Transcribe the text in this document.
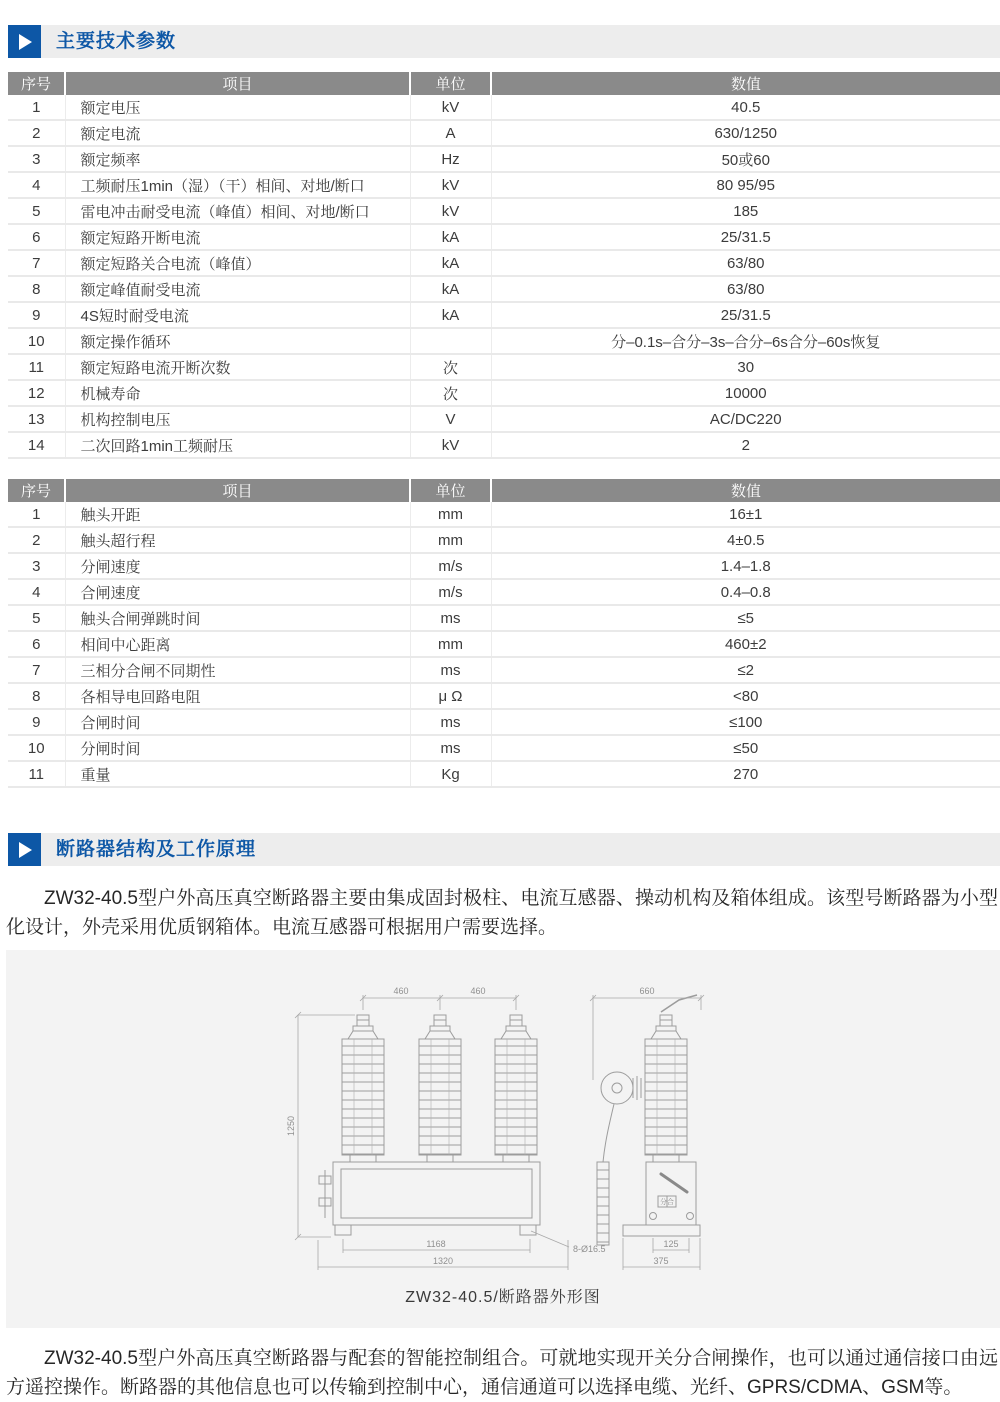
主要技术参数
序号	项目	单位	数值
1	额定电压	kV	40.5
2	额定电流	A	630/1250
3	额定频率	Hz	50或60
4	工频耐压1min（湿）（干）相间、对地/断口	kV	80 95/95
5	雷电冲击耐受电流（峰值）相间、对地/断口	kV	185
6	额定短路开断电流	kA	25/31.5
7	额定短路关合电流（峰值）	kA	63/80
8	额定峰值耐受电流	kA	63/80
9	4S短时耐受电流	kA	25/31.5
10	额定操作循环		分–0.1s–合分–3s–合分–6s合分–60s恢复
11	额定短路电流开断次数	次	30
12	机械寿命	次	10000
13	机构控制电压	V	AC/DC220
14	二次回路1min工频耐压	kV	2
序号	项目	单位	数值
1	触头开距	mm	16±1
2	触头超行程	mm	4±0.5
3	分闸速度	m/s	1.4–1.8
4	合闸速度	m/s	0.4–0.8
5	触头合闸弹跳时间	ms	≤5
6	相间中心距离	mm	460±2
7	三相分合闸不同期性	ms	≤2
8	各相导电回路电阻	μ Ω	<80
9	合闸时间	ms	≤100
10	分闸时间	ms	≤50
11	重量	Kg	270
断路器结构及工作原理

ZW32-40.5型户外高压真空断路器主要由集成固封极柱、电流互感器、操动机构及箱体组成。该型号断路器为小型化设计，外壳采用优质钢箱体。电流互感器可根据用户需要选择。

分合
460	460	660
1250
1168
1320
8-Ø16.5	125
375
ZW32-40.5/断路器外形图

ZW32-40.5型户外高压真空断路器与配套的智能控制组合。可就地实现开关分合闸操作，也可以通过通信接口由远方遥控操作。断路器的其他信息也可以传输到控制中心，通信通道可以选择电缆、光纤、GPRS/CDMA、GSM等。
